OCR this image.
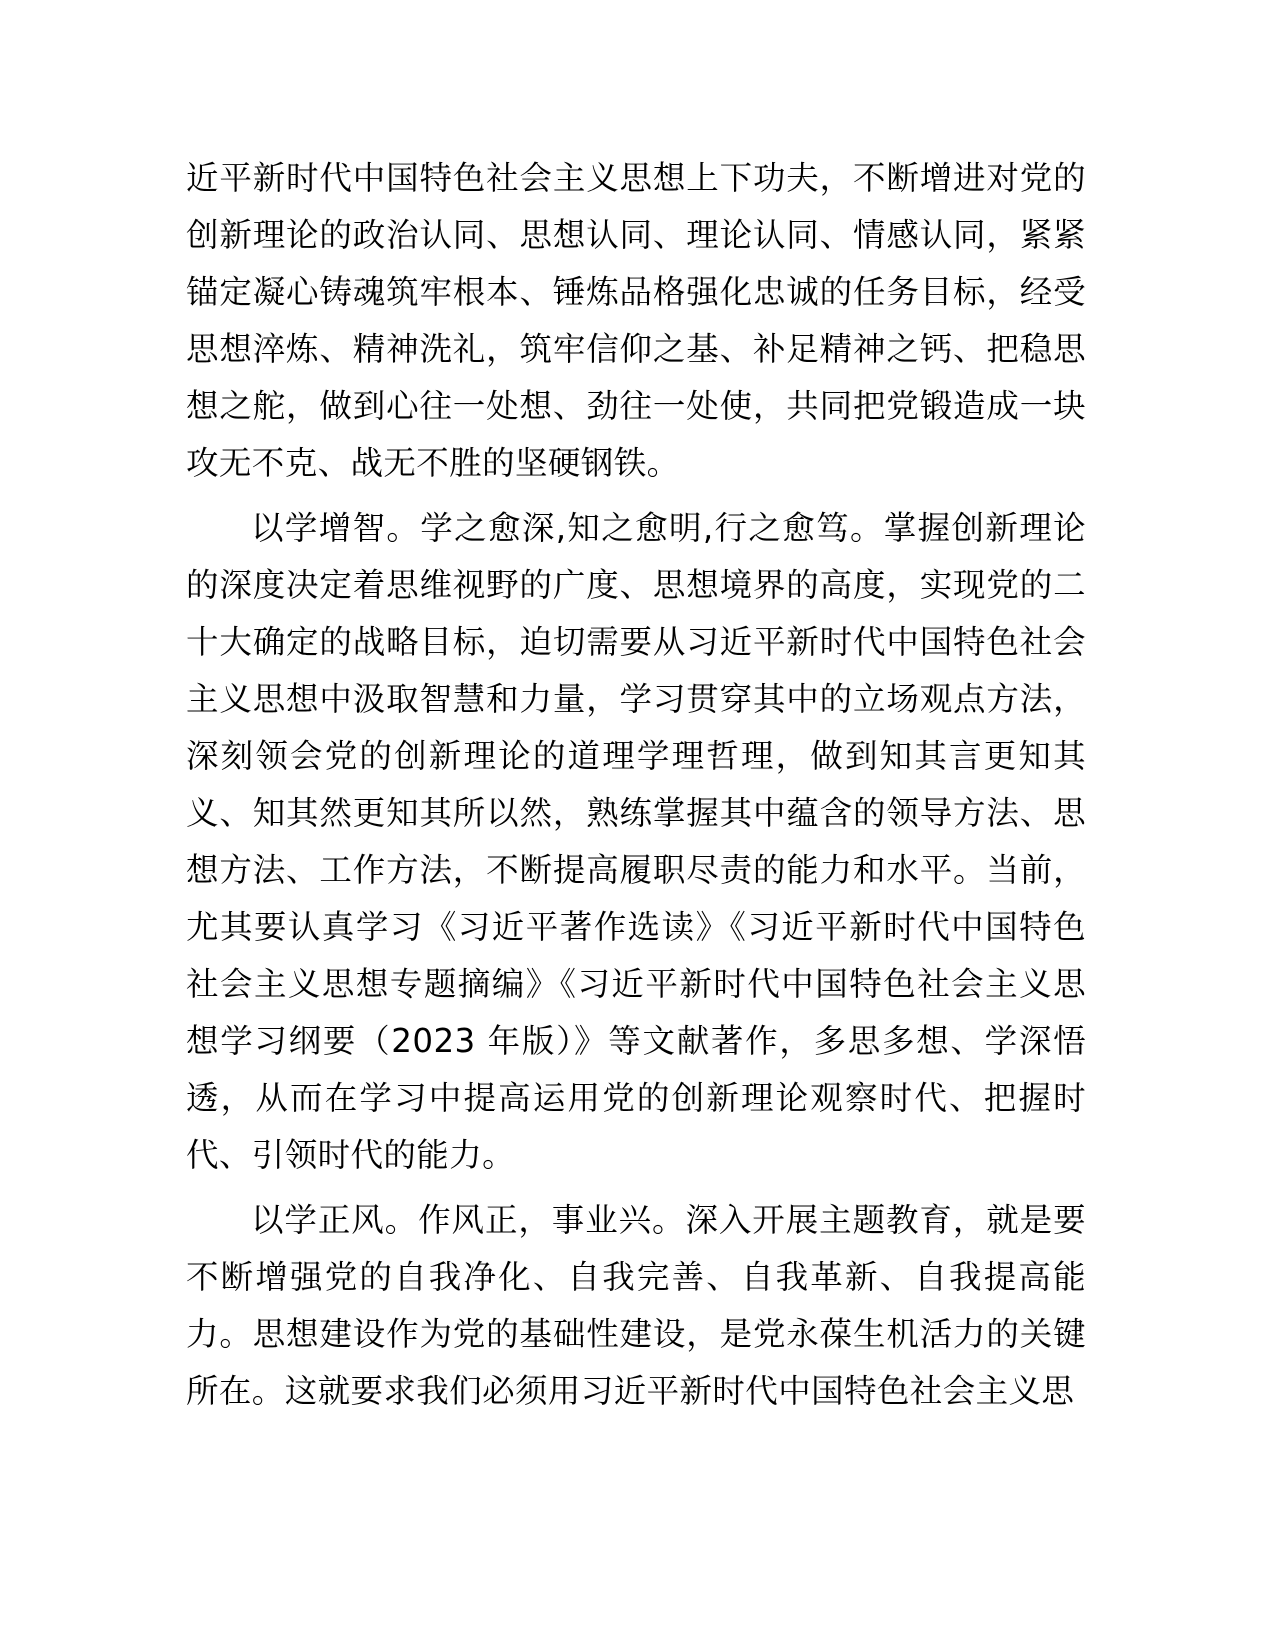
近平新时代中国特色社会主义思想上下功夫，不断增进对党的创新理论的政治认同、思想认同、理论认同、情感认同，紧紧锚定凝心铸魂筑牢根本、锤炼品格强化忠诚的任务目标，经受思想淬炼、精神洗礼，筑牢信仰之基、补足精神之钙、把稳思想之舵，做到心往一处想、劲往一处使，共同把党锻造成一块攻无不克、战无不胜的坚硬钢铁。

以学增智。学之愈深,知之愈明,行之愈笃。掌握创新理论的深度决定着思维视野的广度、思想境界的高度，实现党的二十大确定的战略目标，迫切需要从习近平新时代中国特色社会主义思想中汲取智慧和力量，学习贯穿其中的立场观点方法，深刻领会党的创新理论的道理学理哲理，做到知其言更知其义、知其然更知其所以然，熟练掌握其中蕴含的领导方法、思想方法、工作方法，不断提高履职尽责的能力和水平。当前，尤其要认真学习《习近平著作选读》《习近平新时代中国特色社会主义思想专题摘编》《习近平新时代中国特色社会主义思想学习纲要（2023 年版）》等文献著作，多思多想、学深悟透，从而在学习中提高运用党的创新理论观察时代、把握时代、引领时代的能力。

以学正风。作风正，事业兴。深入开展主题教育，就是要不断增强党的自我净化、自我完善、自我革新、自我提高能力。思想建设作为党的基础性建设，是党永葆生机活力的关键所在。这就要求我们必须用习近平新时代中国特色社会主义思
